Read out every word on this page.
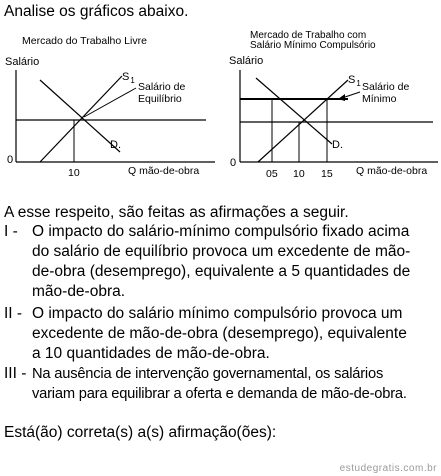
Analise os gráficos abaixo.
Mercado do Trabalho Livre
Salário
$S_1$
D.
Salário de Equilíbrio
0
10	Q mão-de-obra
Mercado de Trabalho com Salário Mínimo Compulsório
Salário
$S_1$
D.
Salário de Mínimo
0
05 10 15 Q mão-de-obra
A esse respeito, são feitas as afirmações a seguir.
I - O impacto do salário-mínimo compulsório fixado acima
do salário de equilíbrio provoca um excedente de mão-
de-obra (desemprego), equivalente a 5 quantidades de
mão-de-obra.
II - O impacto do salário mínimo compulsório provoca um
excedente de mão-de-obra (desemprego), equivalente
a 10 quantidades de mão-de-obra.
III - Na ausência de intervenção governamental, os salários
variam para equilibrar a oferta e demanda de mão-de-obra.
Está(ão) correta(s) a(s) afirmação(ões):
estudegratis.com.br
